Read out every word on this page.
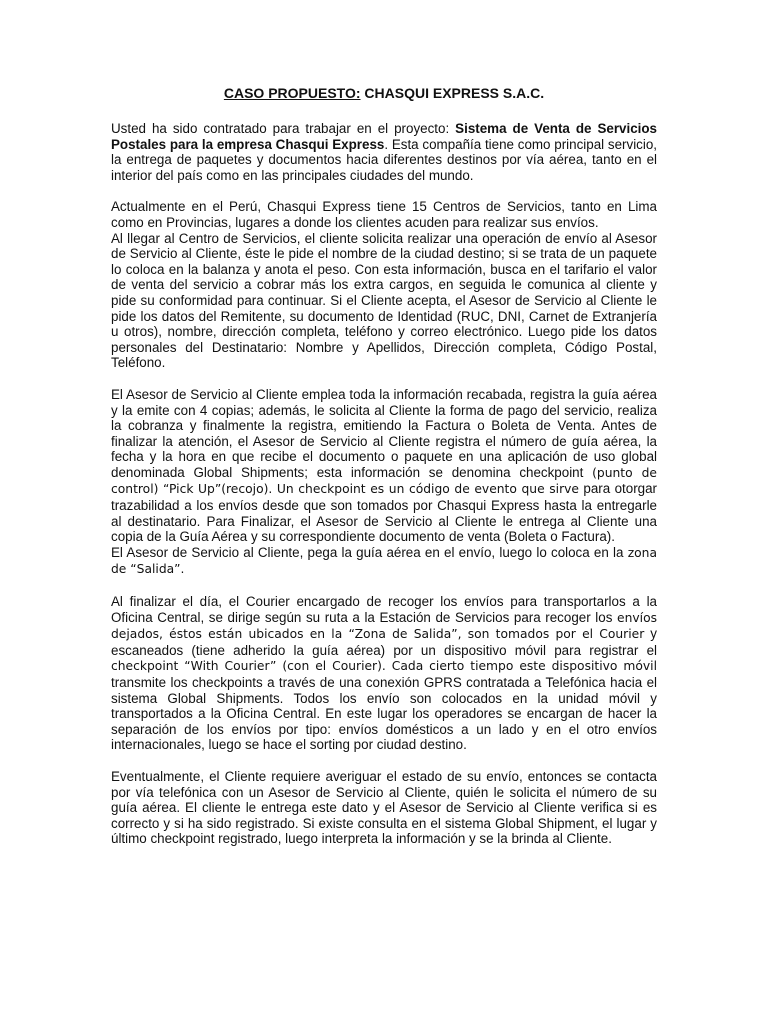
CASO PROPUESTO: CHASQUI EXPRESS S.A.C.

Usted ha sido contratado para trabajar en el proyecto: Sistema de Venta de Servicios Postales para la empresa Chasqui Express. Esta compañía tiene como principal servicio, la entrega de paquetes y documentos hacia diferentes destinos por vía aérea, tanto en el interior del país como en las principales ciudades del mundo.

Actualmente en el Perú, Chasqui Express tiene 15 Centros de Servicios, tanto en Lima como en Provincias, lugares a donde los clientes acuden para realizar sus envíos.

Al llegar al Centro de Servicios, el cliente solicita realizar una operación de envío al Asesor de Servicio al Cliente, éste le pide el nombre de la ciudad destino; si se trata de un paquete lo coloca en la balanza y anota el peso. Con esta información, busca en el tarifario el valor de venta del servicio a cobrar más los extra cargos, en seguida le comunica al cliente y pide su conformidad para continuar. Si el Cliente acepta, el Asesor de Servicio al Cliente le pide los datos del Remitente, su documento de Identidad (RUC, DNI, Carnet de Extranjería u otros), nombre, dirección completa, teléfono y correo electrónico. Luego pide los datos personales del Destinatario: Nombre y Apellidos, Dirección completa, Código Postal, Teléfono.

El Asesor de Servicio al Cliente emplea toda la información recabada, registra la guía aérea y la emite con 4 copias; además, le solicita al Cliente la forma de pago del servicio, realiza la cobranza y finalmente la registra, emitiendo la Factura o Boleta de Venta. Antes de finalizar la atención, el Asesor de Servicio al Cliente registra el número de guía aérea, la fecha y la hora en que recibe el documento o paquete en una aplicación de uso global denominada Global Shipments; esta información se denomina checkpoint (punto de control) “Pick Up”(recojo). Un checkpoint es un código de evento que sirve para otorgar trazabilidad a los envíos desde que son tomados por Chasqui Express hasta la entregarle al destinatario. Para Finalizar, el Asesor de Servicio al Cliente le entrega al Cliente una copia de la Guía Aérea y su correspondiente documento de venta (Boleta o Factura).

El Asesor de Servicio al Cliente, pega la guía aérea en el envío, luego lo coloca en la zona de “Salida”.

Al finalizar el día, el Courier encargado de recoger los envíos para transportarlos a la Oficina Central, se dirige según su ruta a la Estación de Servicios para recoger los envíos dejados, éstos están ubicados en la “Zona de Salida”, son tomados por el Courier y escaneados (tiene adherido la guía aérea) por un dispositivo móvil para registrar el checkpoint “With Courier” (con el Courier). Cada cierto tiempo este dispositivo móvil transmite los checkpoints a través de una conexión GPRS contratada a Telefónica hacia el sistema Global Shipments. Todos los envío son colocados en la unidad móvil y transportados a la Oficina Central. En este lugar los operadores se encargan de hacer la separación de los envíos por tipo: envíos domésticos a un lado y en el otro envíos internacionales, luego se hace el sorting por ciudad destino.

Eventualmente, el Cliente requiere averiguar el estado de su envío, entonces se contacta por vía telefónica con un Asesor de Servicio al Cliente, quién le solicita el número de su guía aérea. El cliente le entrega este dato y el Asesor de Servicio al Cliente verifica si es correcto y si ha sido registrado. Si existe consulta en el sistema Global Shipment, el lugar y último checkpoint registrado, luego interpreta la información y se la brinda al Cliente.
